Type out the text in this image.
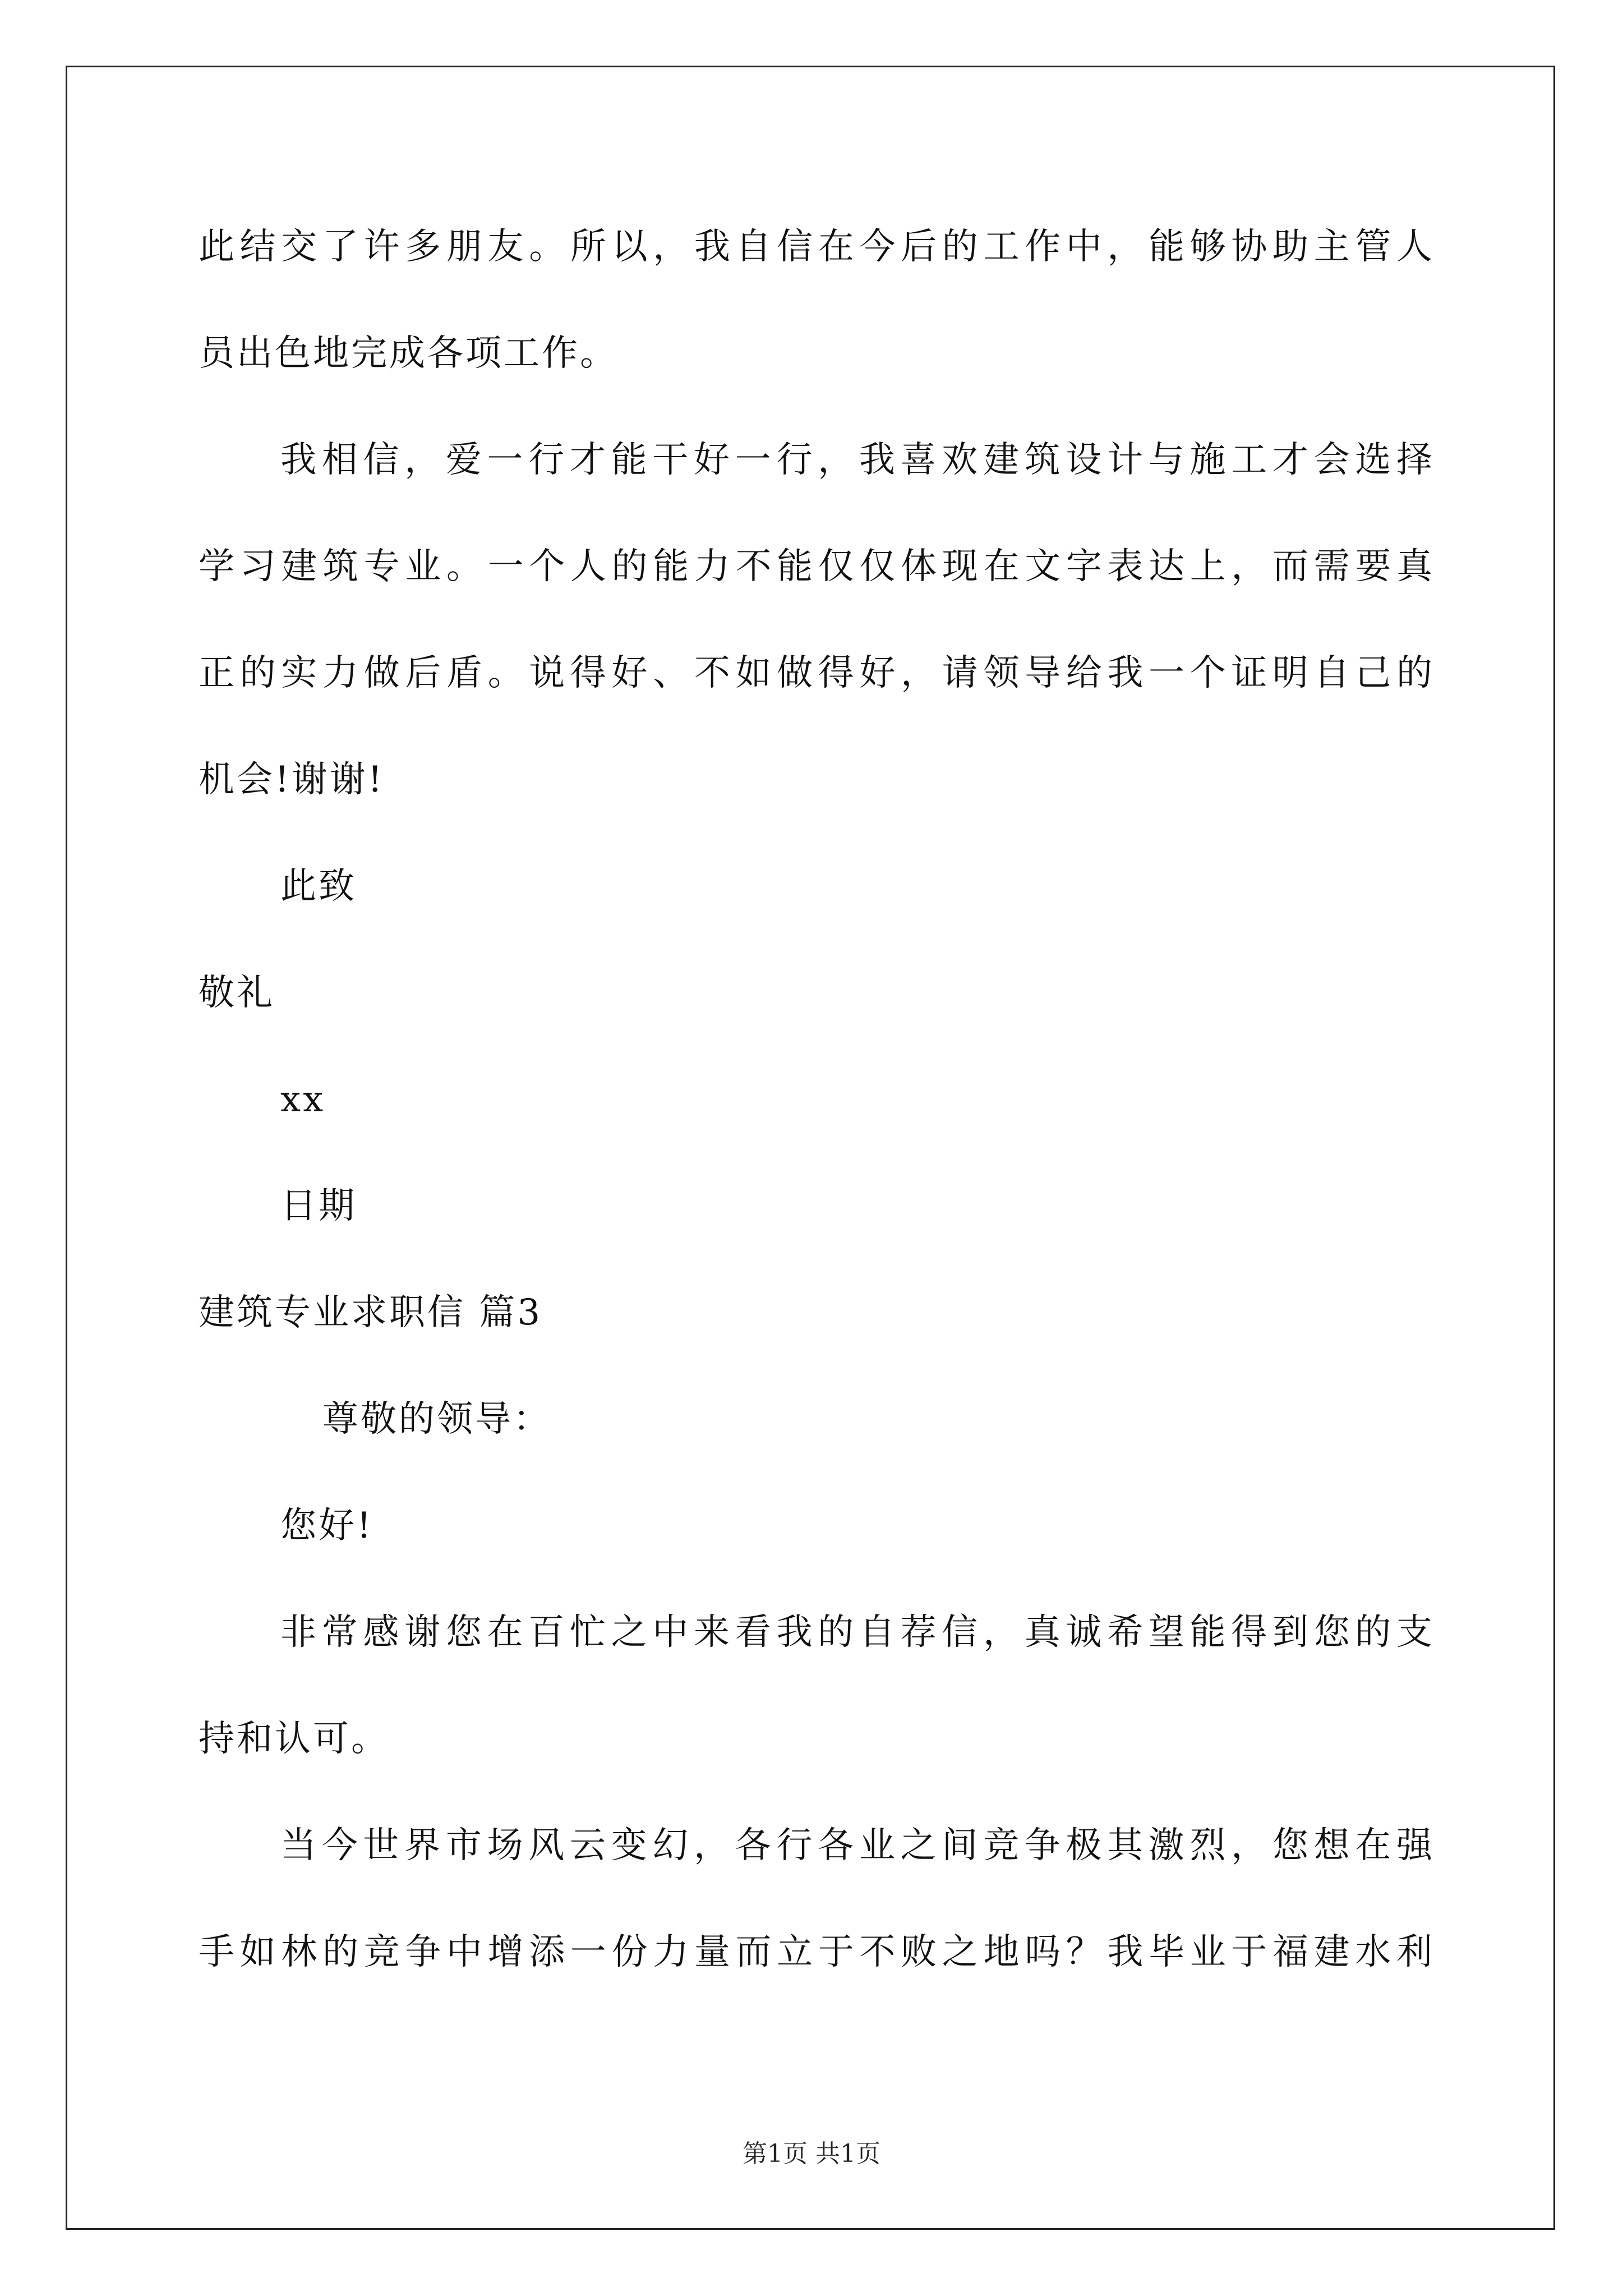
此结交了许多朋友。所以，我自信在今后的工作中，能够协助主管人
员出色地完成各项工作。
我相信，爱一行才能干好一行，我喜欢建筑设计与施工才会选择
学习建筑专业。一个人的能力不能仅仅体现在文字表达上，而需要真
正的实力做后盾。说得好、不如做得好，请领导给我一个证明自己的
机会!谢谢!
此致
敬礼
xx
日期
建筑专业求职信 篇3
尊敬的领导：
您好!
非常感谢您在百忙之中来看我的自荐信，真诚希望能得到您的支
持和认可。
当今世界市场风云变幻，各行各业之间竞争极其激烈，您想在强
手如林的竞争中增添一份力量而立于不败之地吗？我毕业于福建水利
第1页 共1页
